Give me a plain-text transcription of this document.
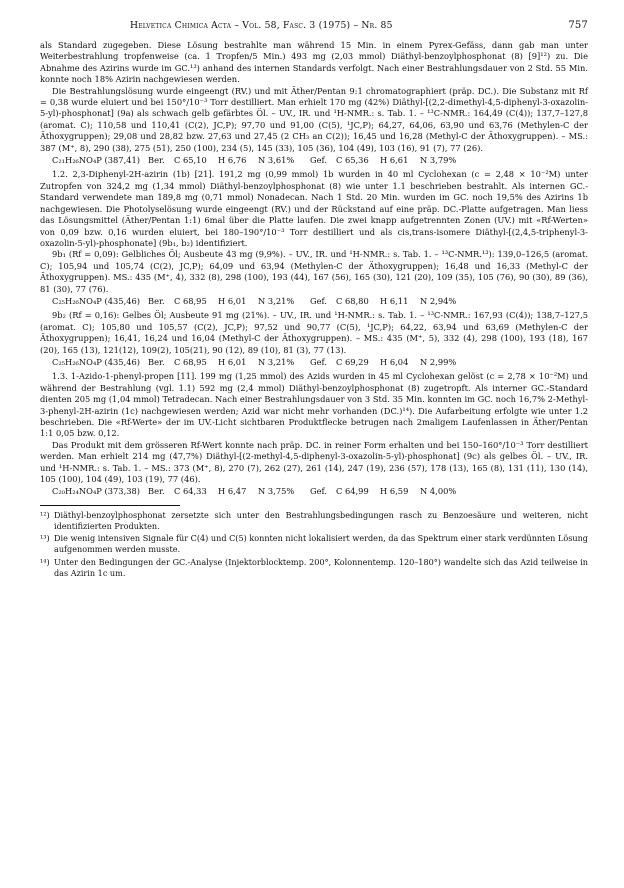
Helvetica Chimica Acta – Vol. 58, Fasc. 3 (1975) – Nr. 85	757

als Standard zugegeben. Diese Lösung bestrahlte man während 15 Min. in einem Pyrex-Gefäss, dann gab man unter Weiterbestrahlung tropfenweise (ca. 1 Tropfen/5 Min.) 493 mg (2,03 mmol) Diäthyl-benzoylphosphonat (8) [9]¹²) zu. Die Abnahme des Azirins wurde im GC.¹³) anhand des internen Standards verfolgt. Nach einer Bestrahlungsdauer von 2 Std. 55 Min. konnte noch 18% Azirin nachgewiesen werden.

Die Bestrahlungslösung wurde eingeengt (RV.) und mit Äther/Pentan 9:1 chromatographiert (präp. DC.). Die Substanz mit Rf = 0,38 wurde eluiert und bei 150°/10⁻³ Torr destilliert. Man erhielt 170 mg (42%) Diäthyl-[(2,2-dimethyl-4,5-diphenyl-3-oxazolin-5-yl)-phosphonat] (9a) als schwach gelb gefärbtes Öl. – UV., IR. und ¹H-NMR.: s. Tab. 1. – ¹³C-NMR.: 164,49 (C(4)); 137,7–127,8 (aromat. C); 110,58 und 110,41 (C(2), JC,P); 97,70 und 91,00 (C(5), ¹JC,P); 64,27, 64,06, 63,90 und 63,76 (Methylen-C der Äthoxygruppen); 29,08 und 28,82 bzw. 27,63 und 27,45 (2 CH₃ an C(2)); 16,45 und 16,28 (Methyl-C der Äthoxygruppen). – MS.: 387 (M⁺, 8), 290 (38), 275 (51), 250 (100), 234 (5), 145 (33), 105 (36), 104 (49), 103 (16), 91 (7), 77 (26).

C₂₁H₂₆NO₄P (387,41) Ber.	C 65,10	H 6,76	N 3,61%	Gef.	C 65,36	H 6,61	N 3,79%

1.2. 2,3-Diphenyl-2H-azirin (1b) [21]. 191,2 mg (0,99 mmol) 1b wurden in 40 ml Cyclohexan (c = 2,48 × 10⁻²M) unter Zutropfen von 324,2 mg (1,34 mmol) Diäthyl-benzoylphosphonat (8) wie unter 1.1 beschrieben bestrahlt. Als internen GC.-Standard verwendete man 189,8 mg (0,71 mmol) Nonadecan. Nach 1 Std. 20 Min. wurden im GC. noch 19,5% des Azirins 1b nachgewiesen. Die Photolyselösung wurde eingeengt (RV.) und der Rückstand auf eine präp. DC.-Platte aufgetragen. Man liess das Lösungsmittel (Äther/Pentan 1:1) 6mal über die Platte laufen. Die zwei knapp aufgetrennten Zonen (UV.) mit «Rf-Werten» von 0,09 bzw. 0,16 wurden eluiert, bei 180–190°/10⁻³ Torr destilliert und als cis,trans-isomere Diäthyl-[(2,4,5-triphenyl-3-oxazolin-5-yl)-phosphonate] (9b₁, b₂) identifiziert.

9b₁ (Rf = 0,09): Gelbliches Öl; Ausbeute 43 mg (9,9%). – UV., IR. und ¹H-NMR.: s. Tab. 1. – ¹³C-NMR.¹³): 139,0–126,5 (aromat. C); 105,94 und 105,74 (C(2), JC,P); 64,09 und 63,94 (Methylen-C der Äthoxygruppen); 16,48 und 16,33 (Methyl-C der Äthoxygruppen). MS.: 435 (M⁺, 4), 332 (8), 298 (100), 193 (44), 167 (56), 165 (30), 121 (20), 109 (35), 105 (76), 90 (30), 89 (36), 81 (30), 77 (76).

C₂₅H₂₆NO₄P (435,46) Ber.	C 68,95	H 6,01	N 3,21%	Gef.	C 68,80	H 6,11	N 2,94%

9b₂ (Rf = 0,16): Gelbes Öl; Ausbeute 91 mg (21%). – UV., IR. und ¹H-NMR.: s. Tab. 1. – ¹³C-NMR.: 167,93 (C(4)); 138,7–127,5 (aromat. C); 105,80 und 105,57 (C(2), JC,P); 97,52 und 90,77 (C(5), ¹JC,P); 64,22, 63,94 und 63,69 (Methylen-C der Äthoxygruppen); 16,41, 16,24 und 16,04 (Methyl-C der Äthoxygruppen). – MS.: 435 (M⁺, 5), 332 (4), 298 (100), 193 (18), 167 (20), 165 (13), 121(12), 109(2), 105(21), 90 (12), 89 (10), 81 (3), 77 (13).

C₂₅H₂₆NO₄P (435,46) Ber.	C 68,95	H 6,01	N 3,21%	Gef.	C 69,29	H 6,04	N 2,99%

1.3. 1-Azido-1-phenyl-propen [11]. 199 mg (1,25 mmol) des Azids wurden in 45 ml Cyclohexan gelöst (c = 2,78 × 10⁻²M) und während der Bestrahlung (vgl. 1.1) 592 mg (2,4 mmol) Diäthyl-benzoylphosphonat (8) zugetropft. Als interner GC.-Standard dienten 205 mg (1,04 mmol) Tetradecan. Nach einer Bestrahlungsdauer von 3 Std. 35 Min. konnten im GC. noch 16,7% 2-Methyl-3-phenyl-2H-azirin (1c) nachgewiesen werden; Azid war nicht mehr vorhanden (DC.)¹⁴). Die Aufarbeitung erfolgte wie unter 1.2 beschrieben. Die «Rf-Werte» der im UV.-Licht sichtbaren Produktflecke betrugen nach 2maligem Laufenlassen in Äther/Pentan 1:1 0,05 bzw. 0,12.

Das Produkt mit dem grösseren Rf-Wert konnte nach präp. DC. in reiner Form erhalten und bei 150–160°/10⁻³ Torr destilliert werden. Man erhielt 214 mg (47,7%) Diäthyl-[(2-methyl-4,5-diphenyl-3-oxazolin-5-yl)-phosphonat] (9c) als gelbes Öl. – UV., IR. und ¹H-NMR.: s. Tab. 1. – MS.: 373 (M⁺, 8), 270 (7), 262 (27), 261 (14), 247 (19), 236 (57), 178 (13), 165 (8), 131 (11), 130 (14), 105 (100), 104 (49), 103 (19), 77 (46).

C₂₀H₂₄NO₄P (373,38) Ber.	C 64,33	H 6,47	N 3,75%	Gef.	C 64,99	H 6,59	N 4,00%
¹²) Diäthyl-benzoylphosphonat zersetzte sich unter den Bestrahlungsbedingungen rasch zu Benzoesäure und weiteren, nicht identifizierten Produkten.
¹³) Die wenig intensiven Signale für C(4) und C(5) konnten nicht lokalisiert werden, da das Spektrum einer stark verdünnten Lösung aufgenommen werden musste.
¹⁴) Unter den Bedingungen der GC.-Analyse (Injektorblocktemp. 200°, Kolonnentemp. 120–180°) wandelte sich das Azid teilweise in das Azirin 1c um.
